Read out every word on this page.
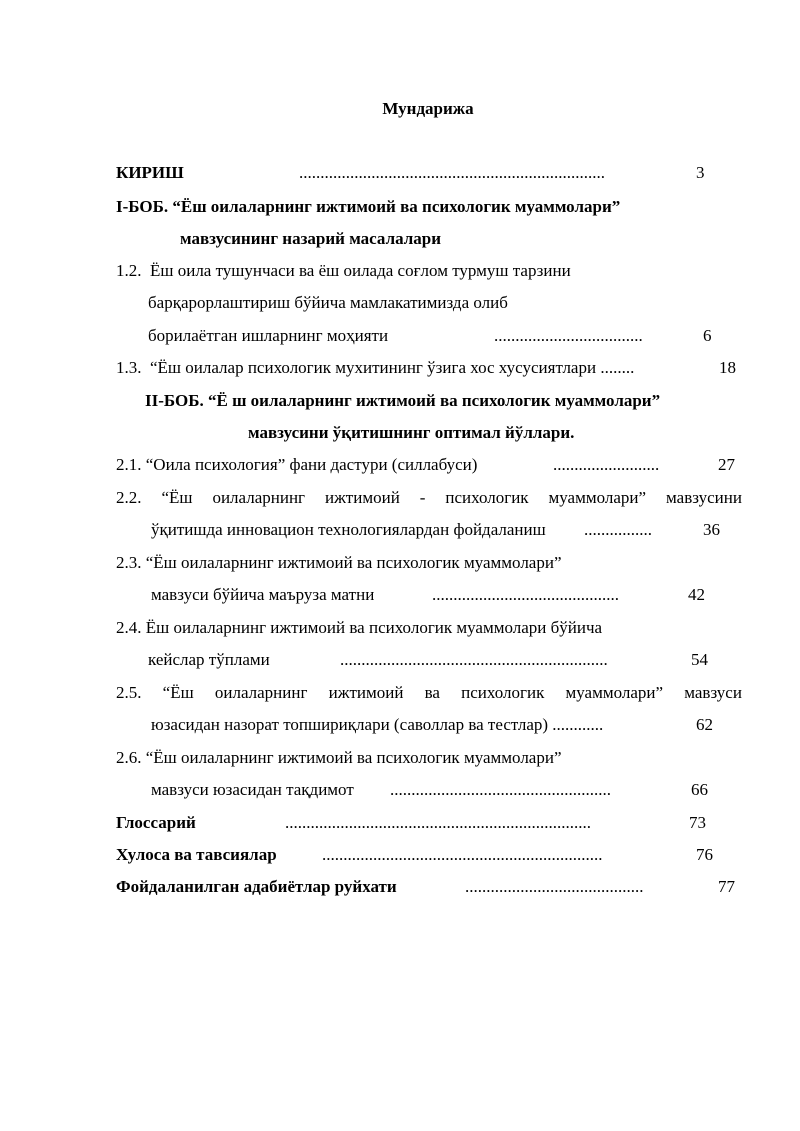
Мундарижа
КИРИШ	........................................................................	3
I-БОБ. “Ёш оилаларнинг ижтимоий ва психологик муаммолари”
мавзусининг назарий масалалари
1.2.  Ёш оила тушунчаси ва ёш оилада соғлом турмуш тарзини
барқарорлаштириш бўйича мамлакатимизда олиб
борилаётган ишларнинг моҳияти	...................................	6
1.3.  “Ёш оилалар психологик мухитининг ўзига хос хусусиятлари ........	18
II-БОБ. “Ё ш оилаларнинг ижтимоий ва психологик муаммолари”
мавзусини ўқитишнинг оптимал йўллари.
2.1. “Оила психология” фани дастури (силлабуси)	.........................	27
2.2. “Ёш оилаларнинг ижтимоий - психологик муаммолари” мавзусини
ўқитишда инновацион технологиялардан фойдаланиш ................	36
2.3. “Ёш оилаларнинг ижтимоий ва психологик муаммолари”
мавзуси бўйича маъруза матни	............................................	42
2.4. Ёш оилаларнинг ижтимоий ва психологик муаммолари бўйича
кейслар тўплами	...............................................................	54
2.5. “Ёш оилаларнинг ижтимоий ва психологик муаммолари” мавзуси
юзасидан назорат топшириқлари (саволлар ва тестлар) ............	62
2.6. “Ёш оилаларнинг ижтимоий ва психологик муаммолари”
мавзуси юзасидан тақдимот ....................................................	66
Глоссарий	........................................................................	73
Хулоса ва тавсиялар	..................................................................	76
Фойдаланилган адабиётлар руйхати	..........................................	77
